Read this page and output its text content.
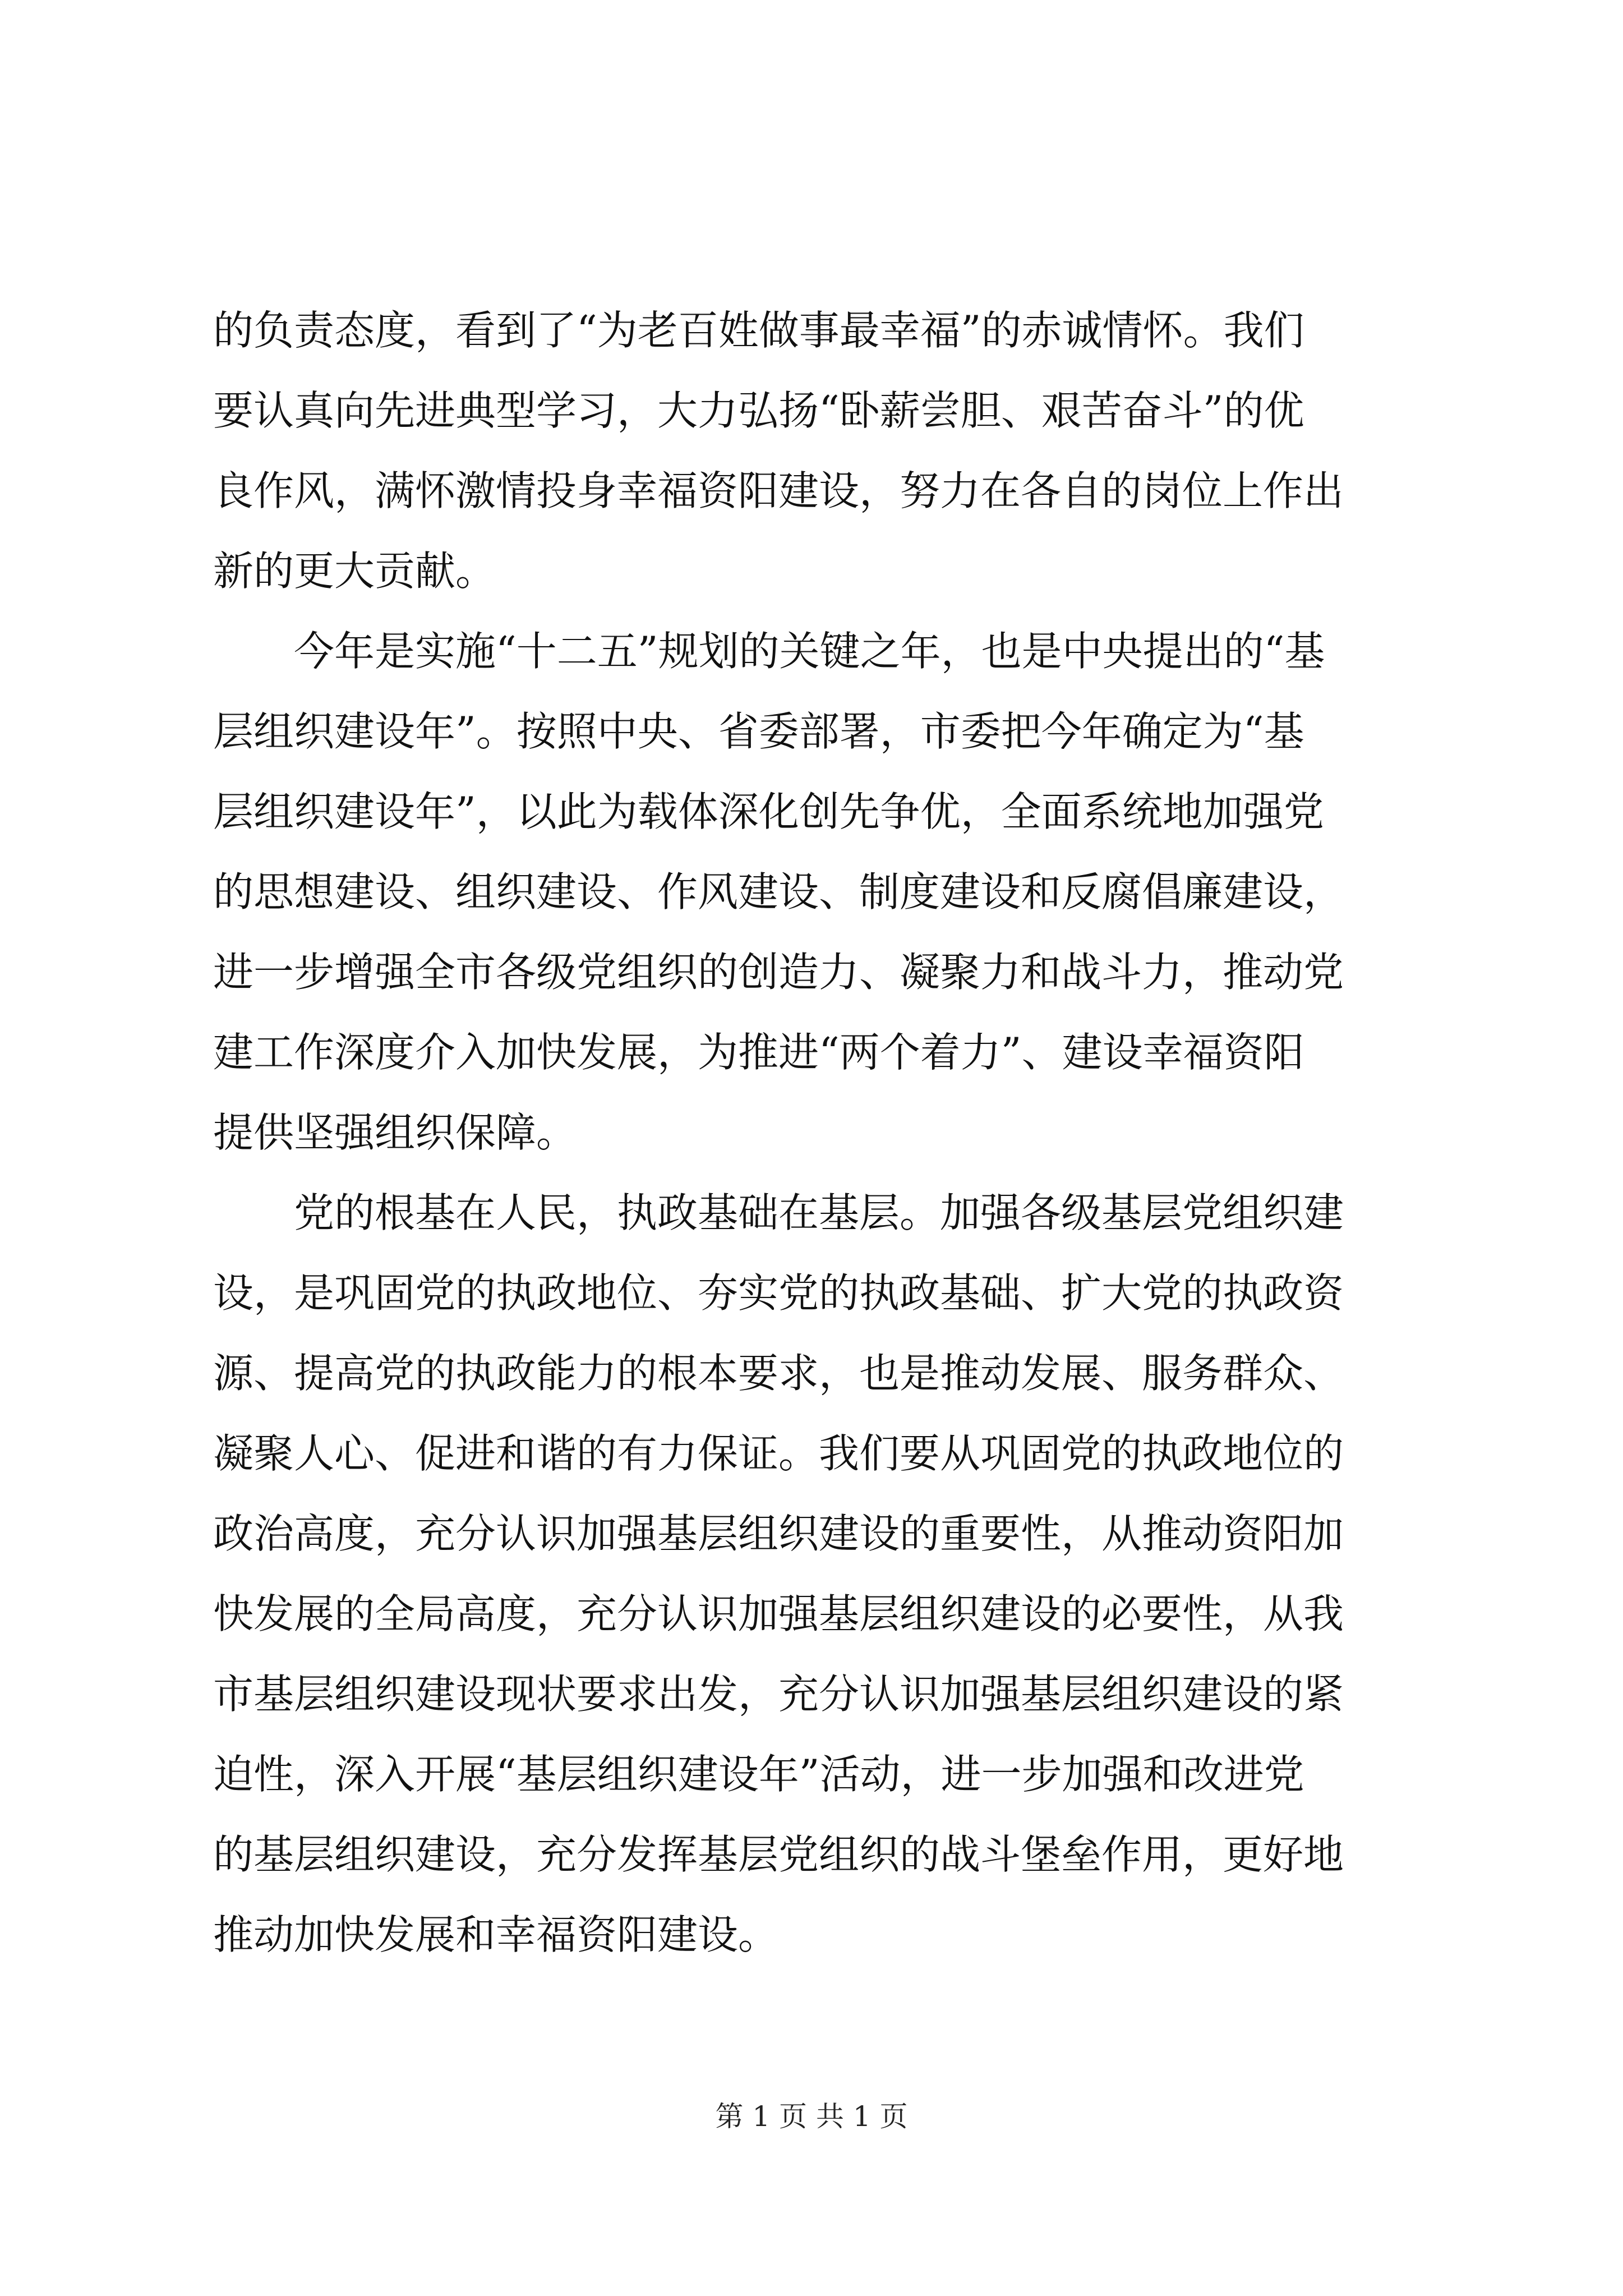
的负责态度，看到了“为老百姓做事最幸福”的赤诚情怀。我们
要认真向先进典型学习，大力弘扬“卧薪尝胆、艰苦奋斗”的优
良作风，满怀激情投身幸福资阳建设，努力在各自的岗位上作出
新的更大贡献。
　　今年是实施“十二五”规划的关键之年，也是中央提出的“基
层组织建设年”。按照中央、省委部署，市委把今年确定为“基
层组织建设年”，以此为载体深化创先争优，全面系统地加强党
的思想建设、组织建设、作风建设、制度建设和反腐倡廉建设，
进一步增强全市各级党组织的创造力、凝聚力和战斗力，推动党
建工作深度介入加快发展，为推进“两个着力”、建设幸福资阳
提供坚强组织保障。
　　党的根基在人民，执政基础在基层。加强各级基层党组织建
设，是巩固党的执政地位、夯实党的执政基础、扩大党的执政资
源、提高党的执政能力的根本要求，也是推动发展、服务群众、
凝聚人心、促进和谐的有力保证。我们要从巩固党的执政地位的
政治高度，充分认识加强基层组织建设的重要性，从推动资阳加
快发展的全局高度，充分认识加强基层组织建设的必要性，从我
市基层组织建设现状要求出发，充分认识加强基层组织建设的紧
迫性，深入开展“基层组织建设年”活动，进一步加强和改进党
的基层组织建设，充分发挥基层党组织的战斗堡垒作用，更好地
推动加快发展和幸福资阳建设。
第 1 页 共 1 页
